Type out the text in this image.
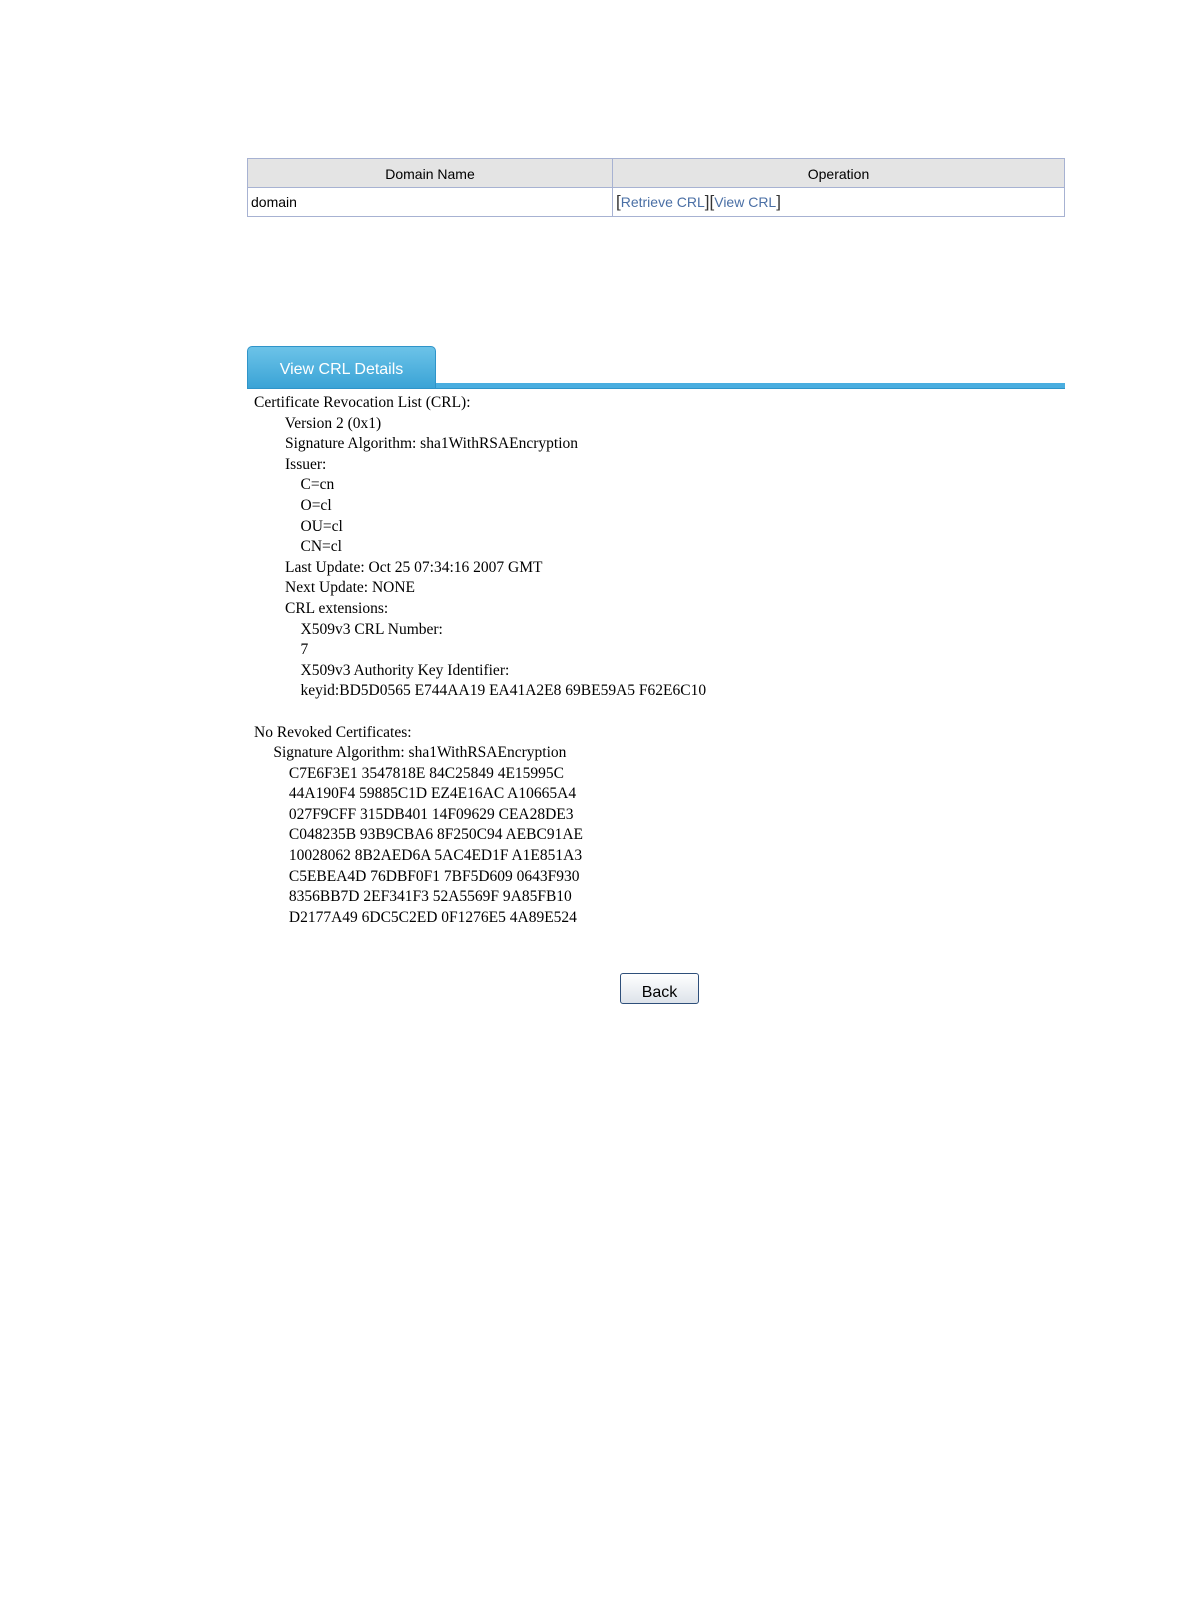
Domain Name	Operation
domain	[Retrieve CRL][View CRL]
View CRL Details
Certificate Revocation List (CRL):
Version 2 (0x1)
Signature Algorithm: sha1WithRSAEncryption
Issuer:
C=cn
O=cl
OU=cl
CN=cl
Last Update: Oct 25 07:34:16 2007 GMT
Next Update: NONE
CRL extensions:
X509v3 CRL Number:
7
X509v3 Authority Key Identifier:
keyid:BD5D0565 E744AA19 EA41A2E8 69BE59A5 F62E6C10

No Revoked Certificates:
Signature Algorithm: sha1WithRSAEncryption
C7E6F3E1 3547818E 84C25849 4E15995C
44A190F4 59885C1D EZ4E16AC A10665A4
027F9CFF 315DB401 14F09629 CEA28DE3
C048235B 93B9CBA6 8F250C94 AEBC91AE
10028062 8B2AED6A 5AC4ED1F A1E851A3
C5EBEA4D 76DBF0F1 7BF5D609 0643F930
8356BB7D 2EF341F3 52A5569F 9A85FB10
D2177A49 6DC5C2ED 0F1276E5 4A89E524
Back
